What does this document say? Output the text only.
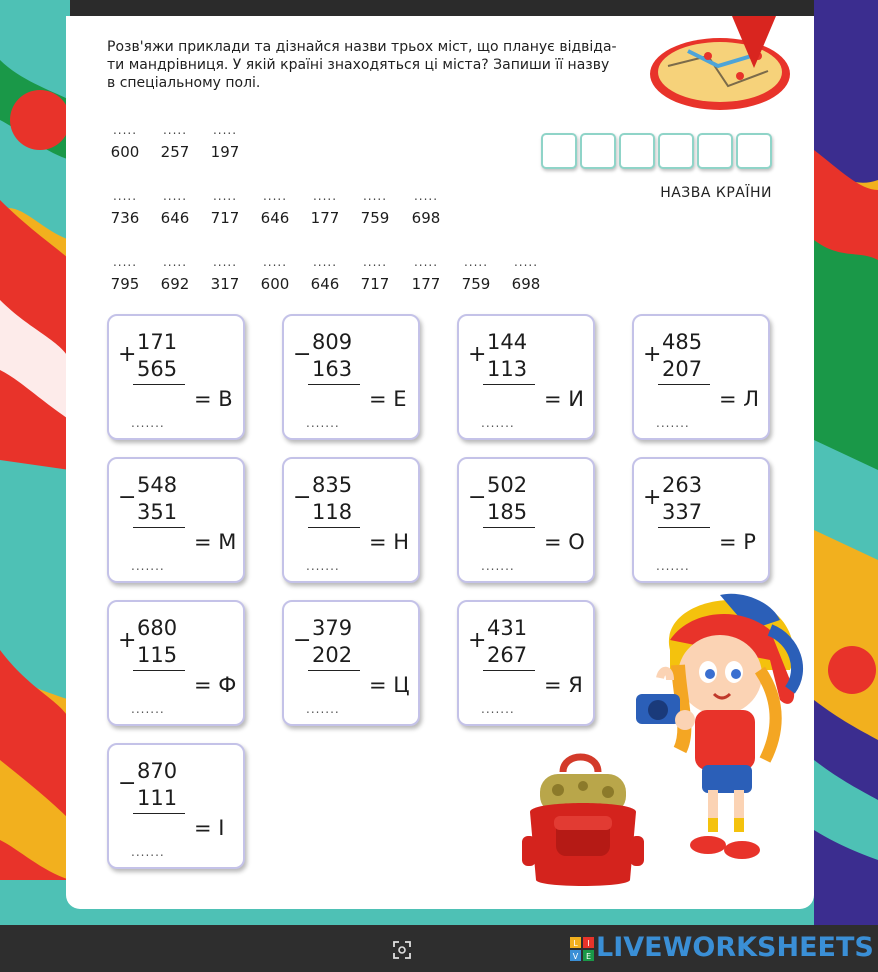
Розв'яжи приклади та дізнайся назви трьох міст, що планує відвіда-
ти мандрівниця. У якій країні знаходяться ці міста? Запиши її назву
в спеціальному полі.
.....
600
.....
257
.....
197
.....
736
.....
646
.....
717
.....
646
.....
177
.....
759
.....
698
.....
795
.....
692
.....
317
.....
600
.....
646
.....
717
.....
177
.....
759
.....
698
НАЗВА КРАЇНИ
+ 171
565
= В
.......
− 809
163
= Е
.......
+ 144
113
= И
.......
+ 485
207
= Л
.......
− 548
351
= М
.......
− 835
118
= Н
.......
− 502
185
= О
.......
+ 263
337
= Р
.......
+ 680
115
= Ф
.......
− 379
202
= Ц
.......
+ 431
267
= Я
.......
− 870
111
= І
.......
L I
V E LIVEWORKSHEETS
